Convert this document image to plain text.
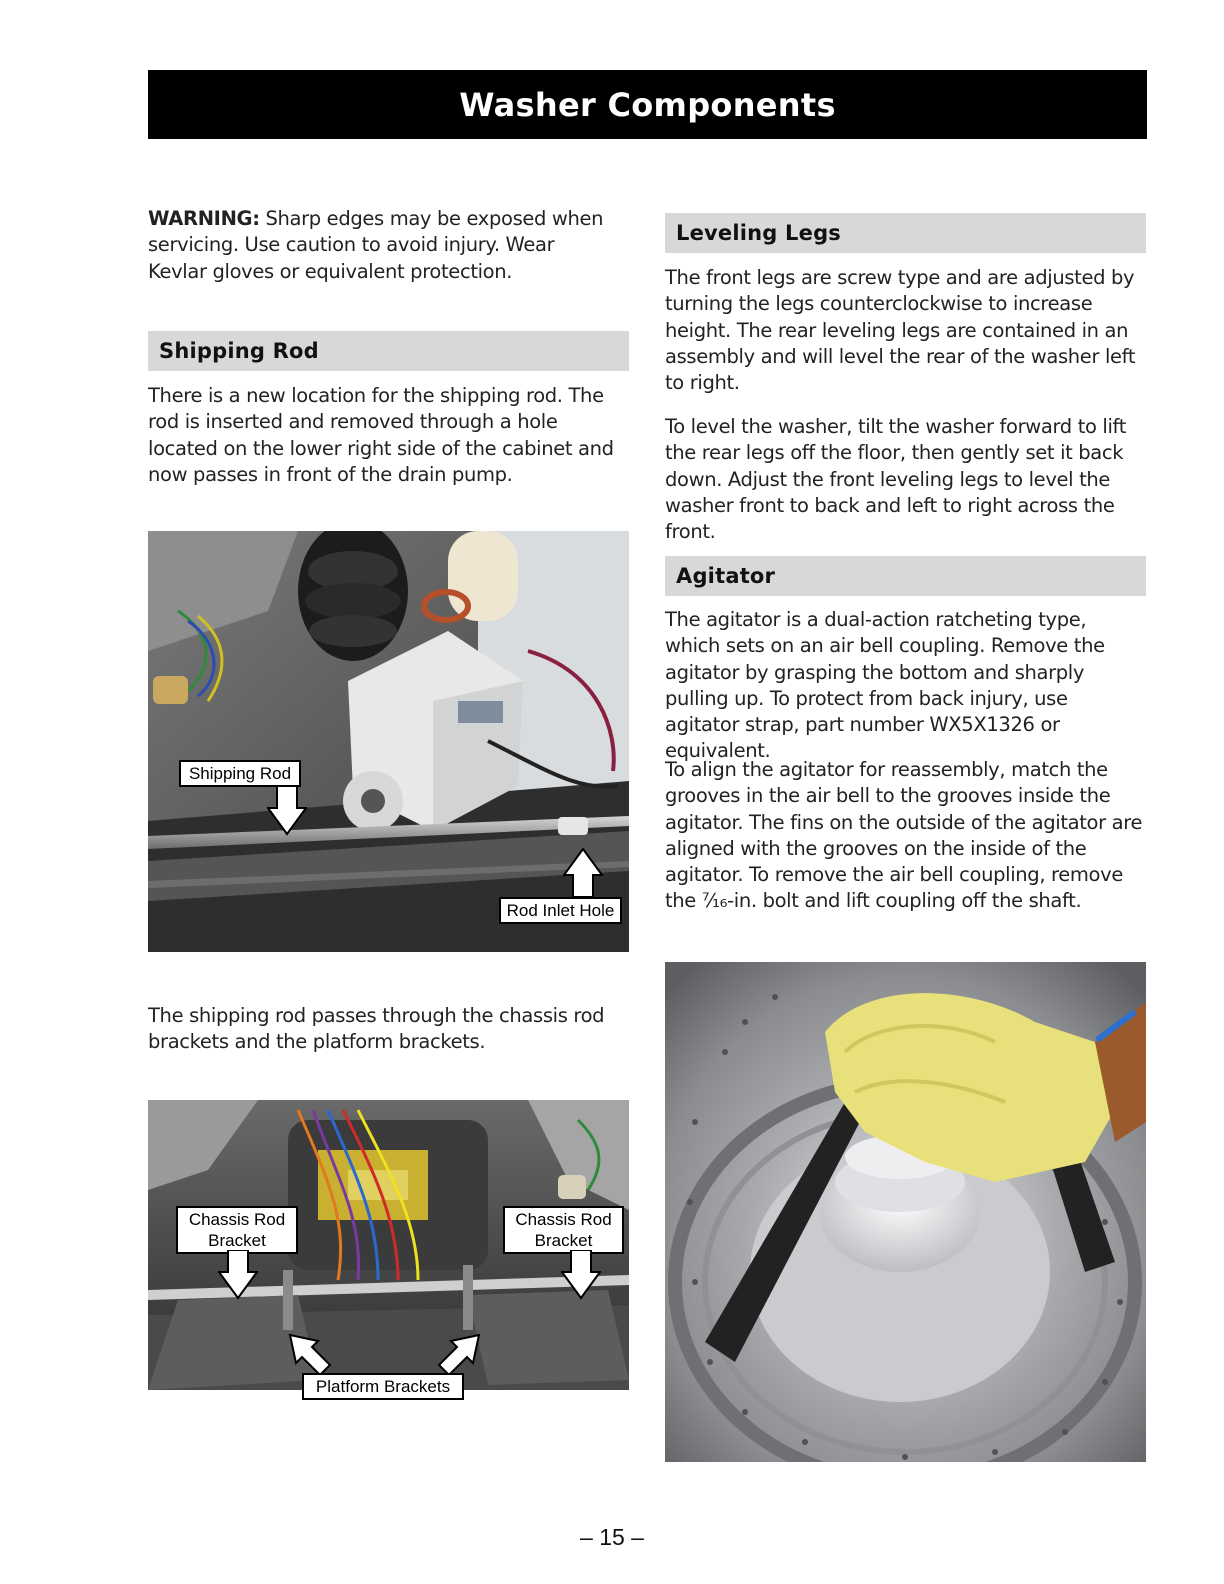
Washer Components
WARNING: Sharp edges may be exposed when servicing. Use caution to avoid injury. Wear Kevlar gloves or equivalent protection.
Shipping Rod
There is a new location for the shipping rod. The rod is inserted and removed through a hole located on the lower right side of the cabinet and now passes in front of the drain pump.
Shipping Rod
Rod Inlet Hole
The shipping rod passes through the chassis rod brackets and the platform brackets.
Chassis Rod
Bracket
Chassis Rod
Bracket
Platform Brackets
Leveling Legs
The front legs are screw type and are adjusted by turning the legs counterclockwise to increase height. The rear leveling legs are contained in an assembly and will level the rear of the washer left to right.
To level the washer, tilt the washer forward to lift the rear legs off the floor, then gently set it back down. Adjust the front leveling legs to level the washer front to back and left to right across the front.
Agitator
The agitator is a dual-action ratcheting type, which sets on an air bell coupling. Remove the agitator by grasping the bottom and sharply pulling up. To protect from back injury, use agitator strap, part number WX5X1326 or equivalent.
To align the agitator for reassembly, match the grooves in the air bell to the grooves inside the agitator. The fins on the outside of the agitator are aligned with the grooves on the inside of the agitator. To remove the air bell coupling, remove the ⁷⁄₁₆-in. bolt and lift coupling off the shaft.
– 15 –
